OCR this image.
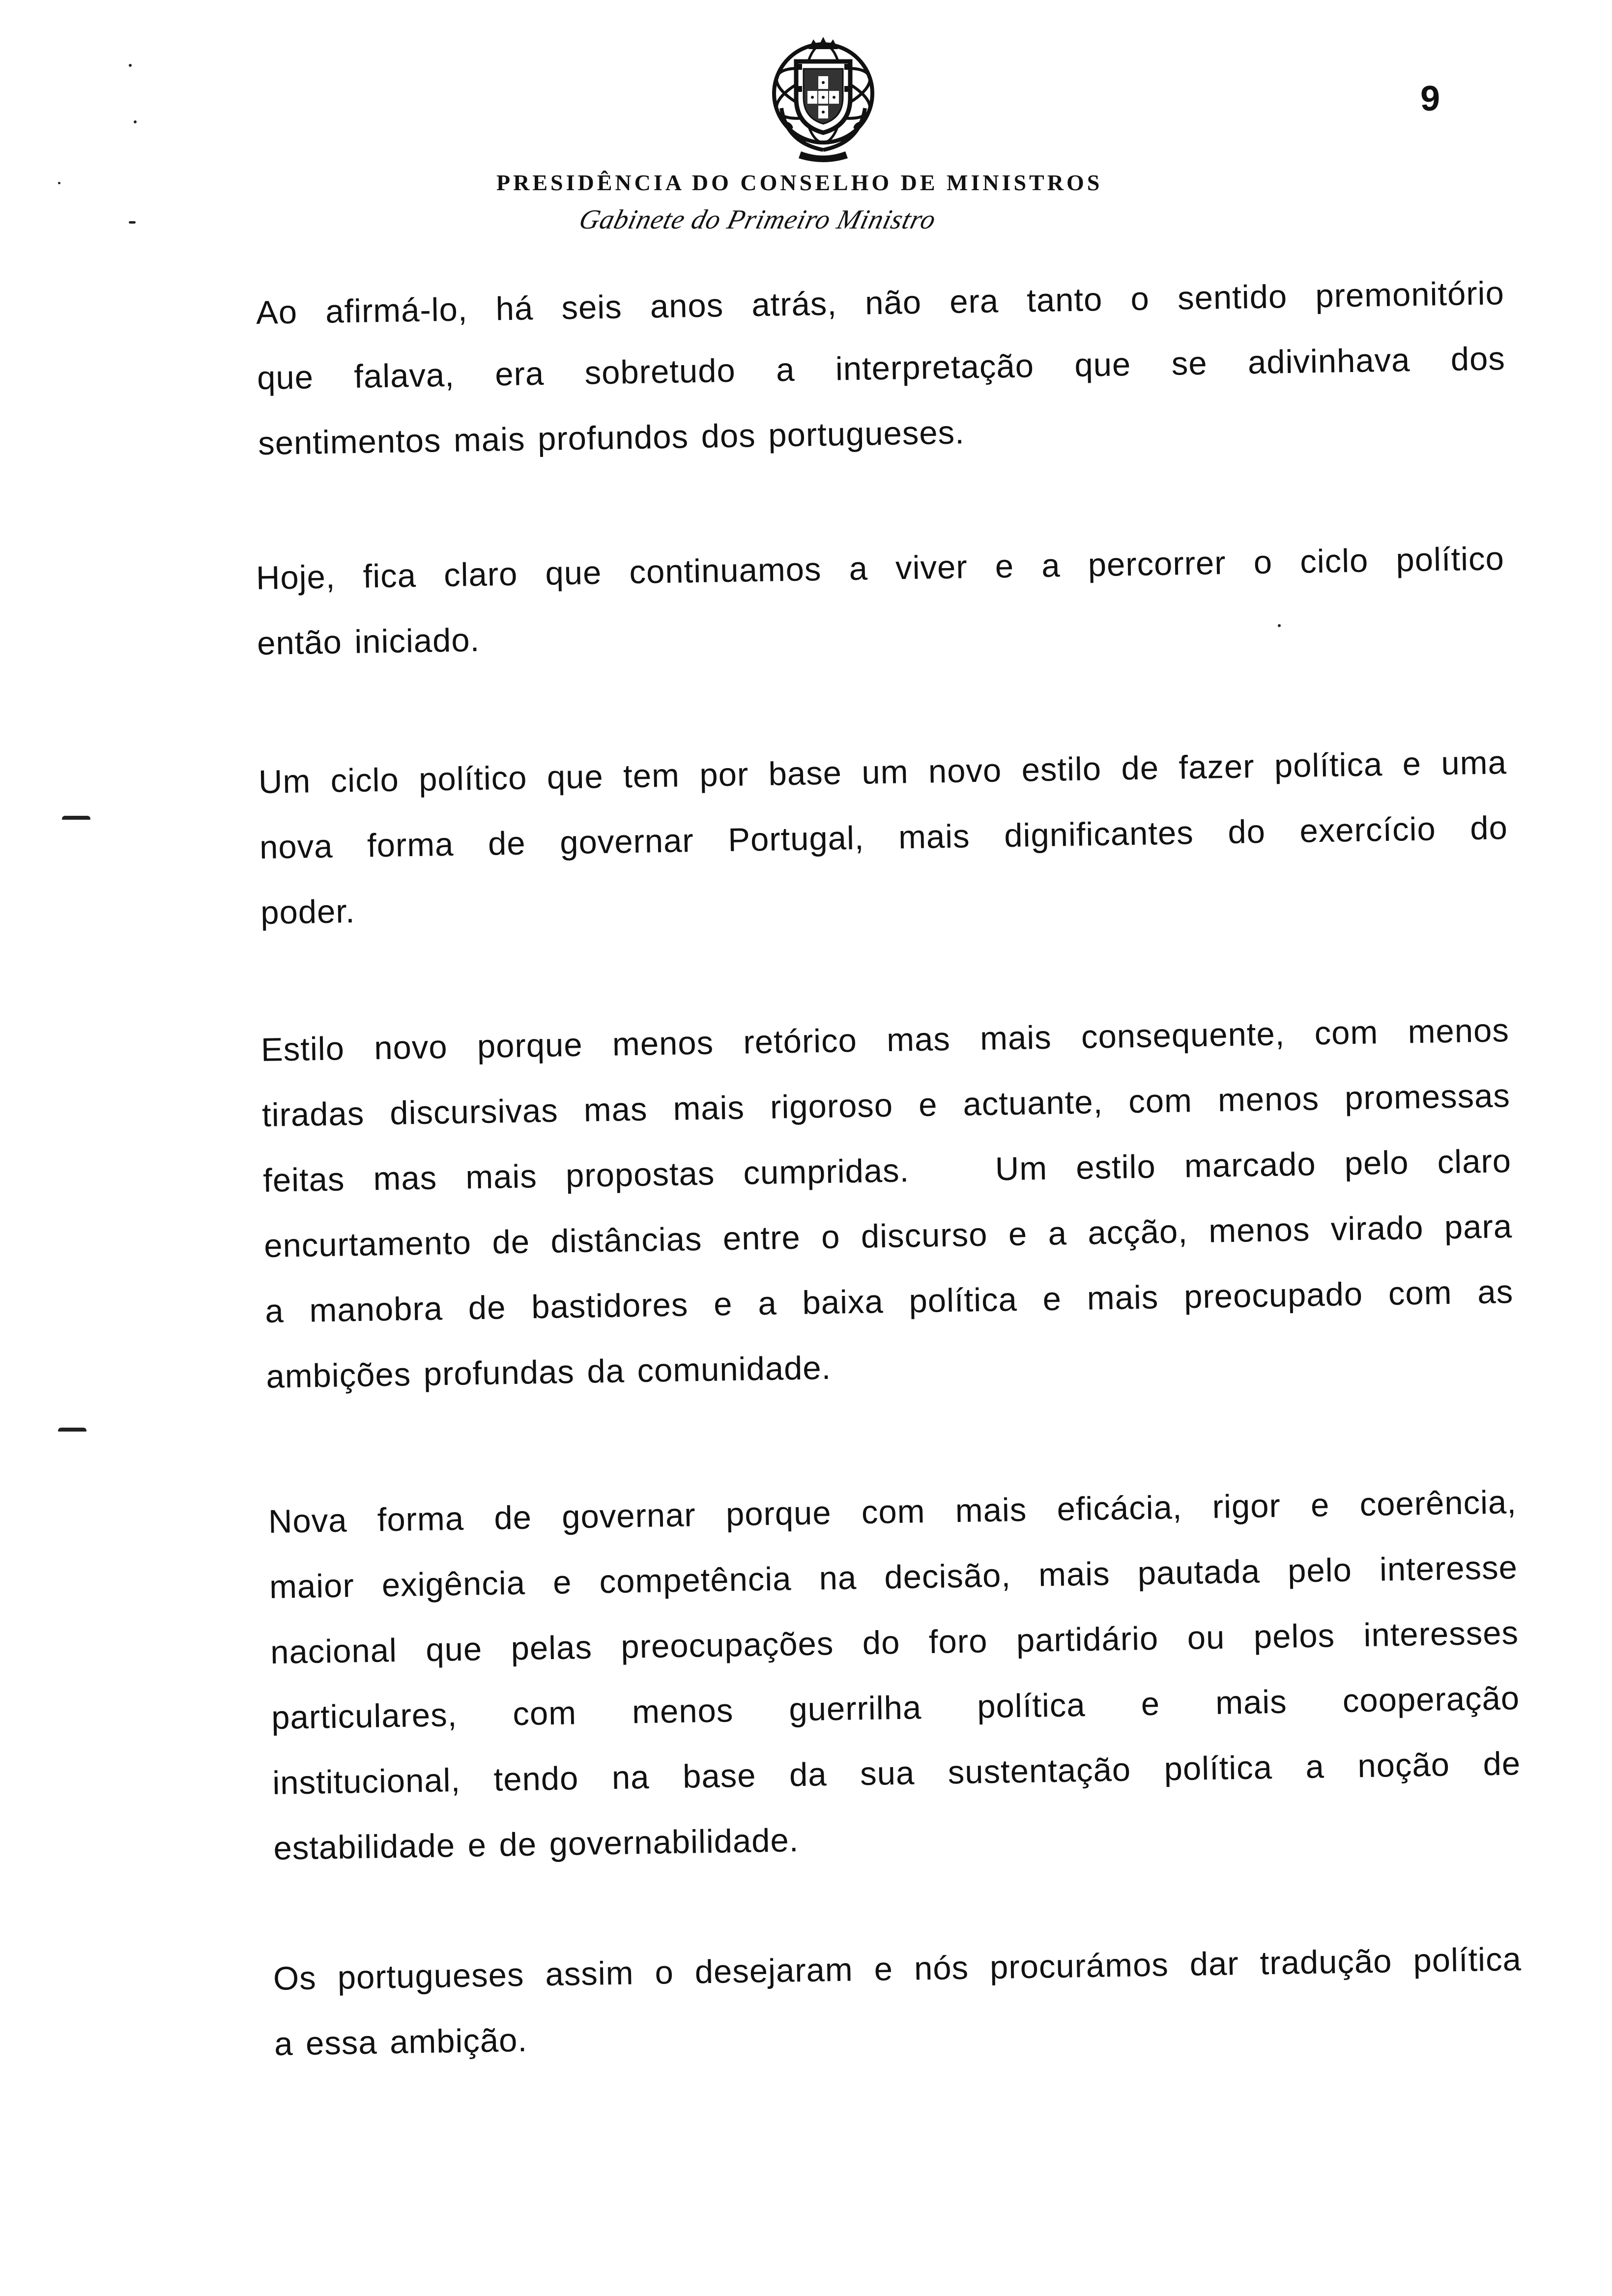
9
PRESIDÊNCIA DO CONSELHO DE MINISTROS
Gabinete do Primeiro Ministro
Ao afirmá-lo, há seis anos atrás, não era tanto o sentido premonitório
que falava, era sobretudo a interpretação que se adivinhava dos
sentimentos mais profundos dos portugueses.
Hoje, fica claro que continuamos a viver e a percorrer o ciclo político
então iniciado.
Um ciclo político que tem por base um novo estilo de fazer política e uma
nova forma de governar Portugal, mais dignificantes do exercício do
poder.
Estilo novo porque menos retórico mas mais consequente, com menos
tiradas discursivas mas mais rigoroso e actuante, com menos promessas
feitas mas mais propostas cumpridas.   Um estilo marcado pelo claro
encurtamento de distâncias entre o discurso e a acção, menos virado para
a manobra de bastidores e a baixa política e mais preocupado com as
ambições profundas da comunidade.
Nova forma de governar porque com mais eficácia, rigor e coerência,
maior exigência e competência na decisão, mais pautada pelo interesse
nacional que pelas preocupações do foro partidário ou pelos interesses
particulares, com menos guerrilha política e mais cooperação
institucional, tendo na base da sua sustentação política a noção de
estabilidade e de governabilidade.
Os portugueses assim o desejaram e nós procurámos dar tradução política
a essa ambição.
